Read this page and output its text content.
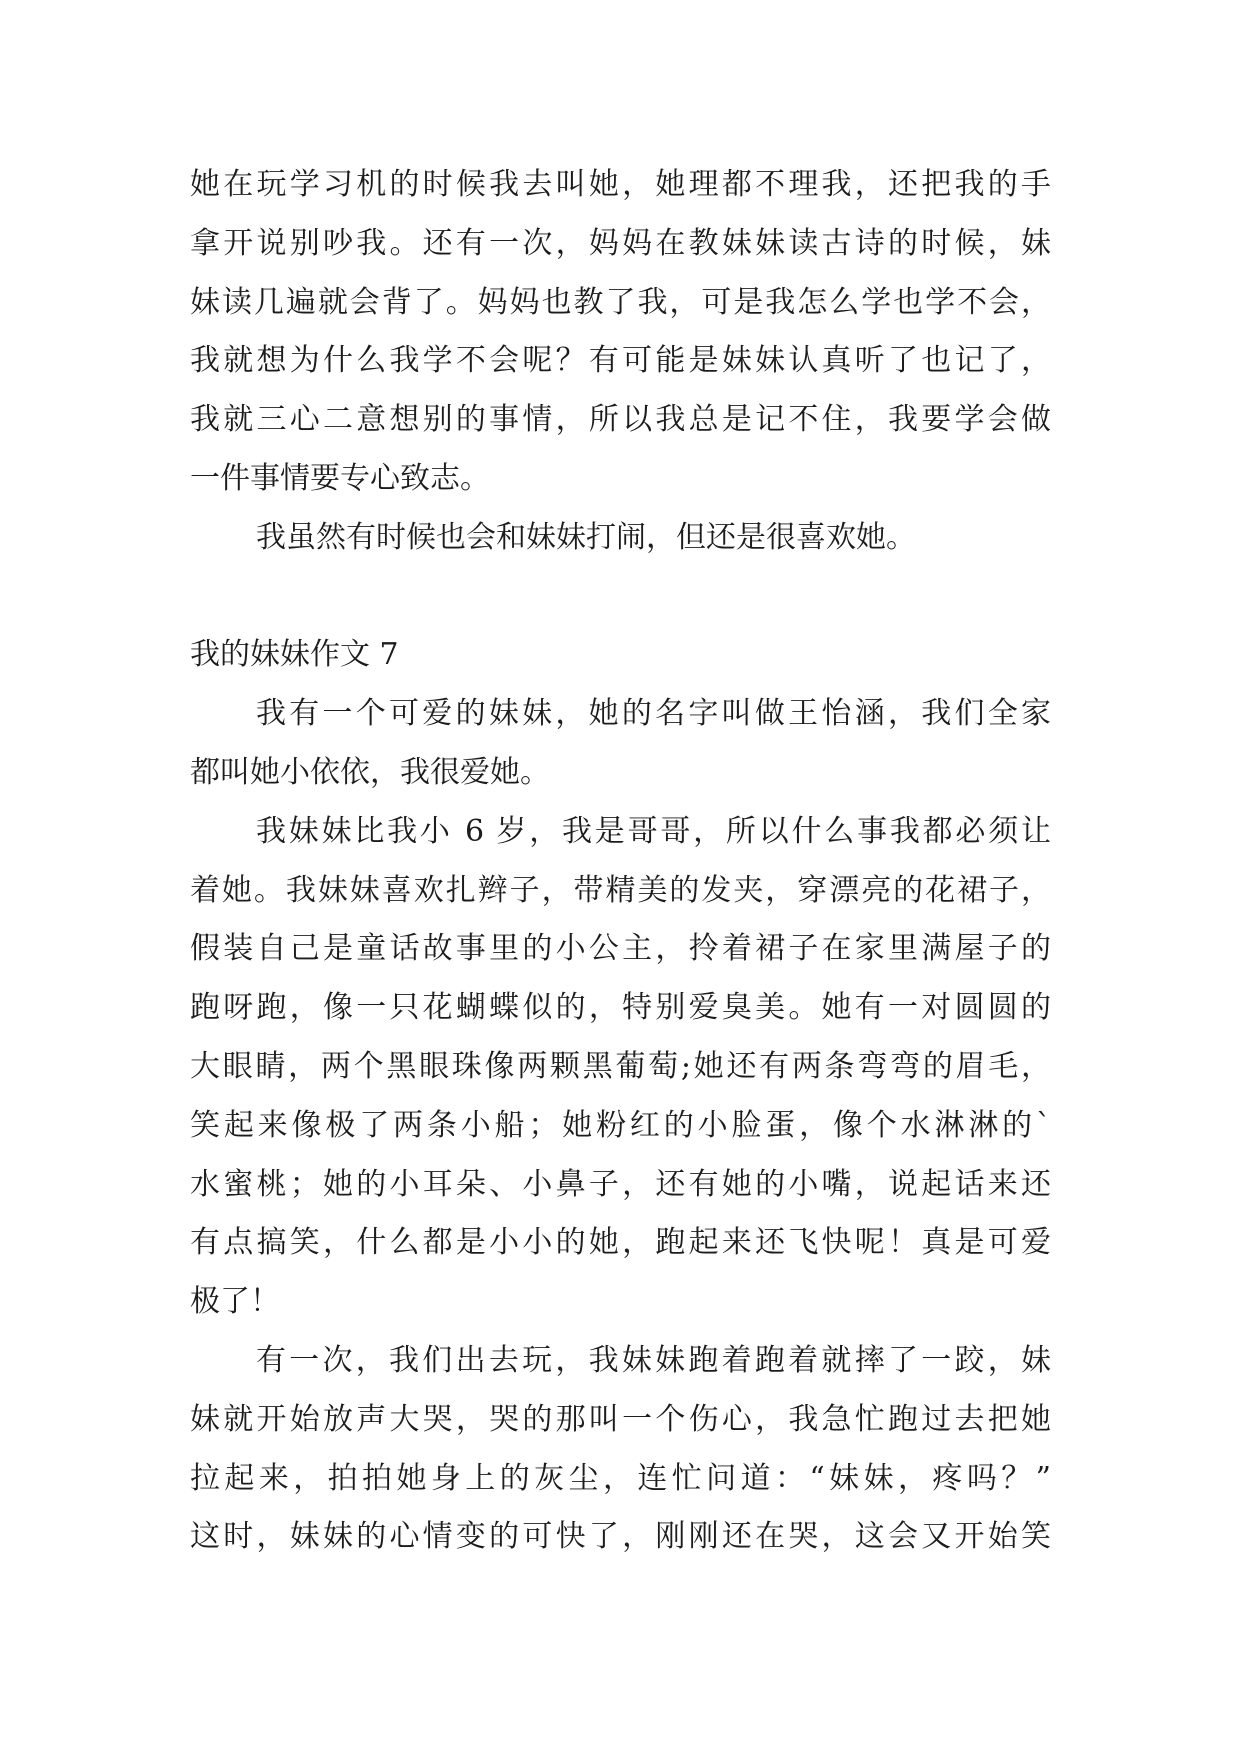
她在玩学习机的时候我去叫她，她理都不理我，还把我的手
拿开说别吵我。还有一次，妈妈在教妹妹读古诗的时候，妹
妹读几遍就会背了。妈妈也教了我，可是我怎么学也学不会，
我就想为什么我学不会呢？有可能是妹妹认真听了也记了，
我就三心二意想别的事情，所以我总是记不住，我要学会做
一件事情要专心致志。
我虽然有时候也会和妹妹打闹，但还是很喜欢她。
我的妹妹作文 7
我有一个可爱的妹妹，她的名字叫做王怡涵，我们全家
都叫她小依依，我很爱她。
我妹妹比我小 6 岁，我是哥哥，所以什么事我都必须让
着她。我妹妹喜欢扎辫子，带精美的发夹，穿漂亮的花裙子，
假装自己是童话故事里的小公主，拎着裙子在家里满屋子的
跑呀跑，像一只花蝴蝶似的，特别爱臭美。她有一对圆圆的
大眼睛，两个黑眼珠像两颗黑葡萄;她还有两条弯弯的眉毛，
笑起来像极了两条小船；她粉红的小脸蛋，像个水淋淋的`
水蜜桃；她的小耳朵、小鼻子，还有她的小嘴，说起话来还
有点搞笑，什么都是小小的她，跑起来还飞快呢！真是可爱
极了！
有一次，我们出去玩，我妹妹跑着跑着就摔了一跤，妹
妹就开始放声大哭，哭的那叫一个伤心，我急忙跑过去把她
拉起来，拍拍她身上的灰尘，连忙问道：“妹妹，疼吗？”
这时，妹妹的心情变的可快了，刚刚还在哭，这会又开始笑
